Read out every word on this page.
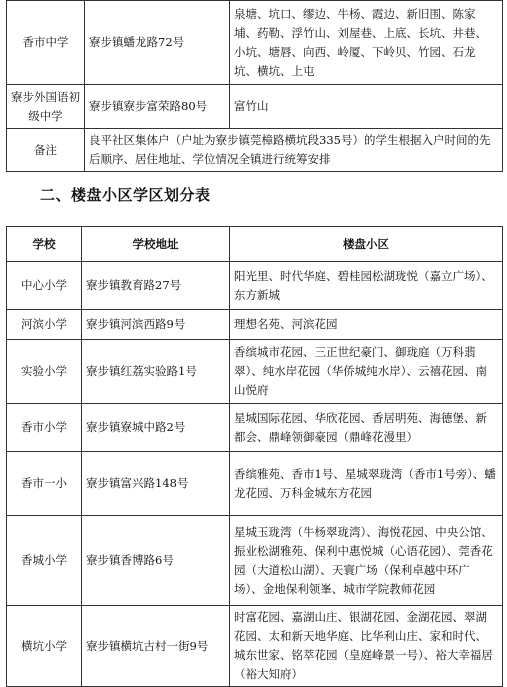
香市中学	寮步镇蟠龙路72号	泉塘、坑口、缪边、牛杨、霞边、新旧围、陈家埔、药勒、浮竹山、刘屋巷、上底、长坑、井巷、小坑、塘唇、向西、岭厦、下岭贝、竹园、石龙坑、横坑、上屯
寮步外国语初级中学	寮步镇寮步富荣路80号	富竹山
备注	良平社区集体户（户址为寮步镇莞樟路横坑段335号）的学生根据入户时间的先后顺序、居住地址、学位情况全镇进行统筹安排	
二、楼盘小区学区划分表
学校	学校地址	楼盘小区
中心小学	寮步镇教育路27号	阳光里、时代华庭、碧桂园松湖珑悦（嘉立广场）、东方新城
河滨小学	寮步镇河滨西路9号	理想名苑、河滨花园
实验小学	寮步镇红荔实验路1号	香缤城市花园、三正世纪豪门、御珑庭（万科翡翠）、纯水岸花园（华侨城纯水岸）、云禧花园、南山悦府
香市小学	寮步镇寮城中路2号	星城国际花园、华欣花园、香居明苑、海德堡、新都会、鼎峰领御豪园（鼎峰花漫里）
香市一小	寮步镇富兴路148号	香缤雅苑、香市1号、星城翠珑湾（香市1号旁）、蟠龙花园、万科金城东方花园
香城小学	寮步镇香博路6号	星城玉珑湾（牛杨翠珑湾）、海悦花园、中央公馆、振业松湖雅苑、保利中惠悦城（心语花园）、莞香花园（大道松山湖）、天寰广场（保利卓越中环广场）、金地保利领峯、城市学院教师花园
横坑小学	寮步镇横坑古村一街9号	时富花园、嘉湖山庄、银湖花园、金湖花园、翠湖花园、太和新天地华庭、比华利山庄、家和时代、城东世家、铭萃花园（皇庭峰景一号）、裕大幸福居（裕大知府）
